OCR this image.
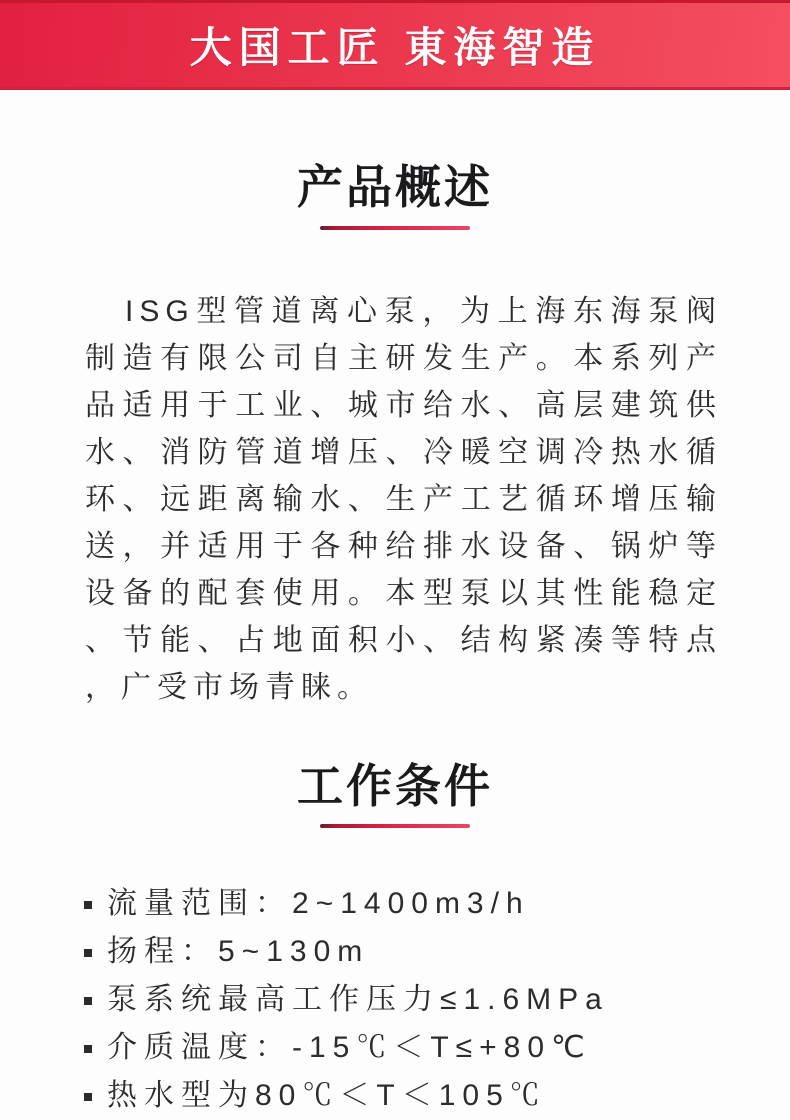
大国工匠 東海智造
产品概述

ISG型管道离心泵，为上海东海泵阀制造有限公司自主研发生产。本系列产品适用于工业、城市给水、高层建筑供水、消防管道增压、冷暖空调冷热水循环、远距离输水、生产工艺循环增压输送，并适用于各种给排水设备、锅炉等设备的配套使用。本型泵以其性能稳定、节能、占地面积小、结构紧凑等特点，广受市场青睐。

工作条件
流量范围：2~1400m3/h
扬程：5~130m
泵系统最高工作压力≤1.6MPa
介质温度：-15℃＜T≤+80℃
热水型为80℃＜T＜105℃
